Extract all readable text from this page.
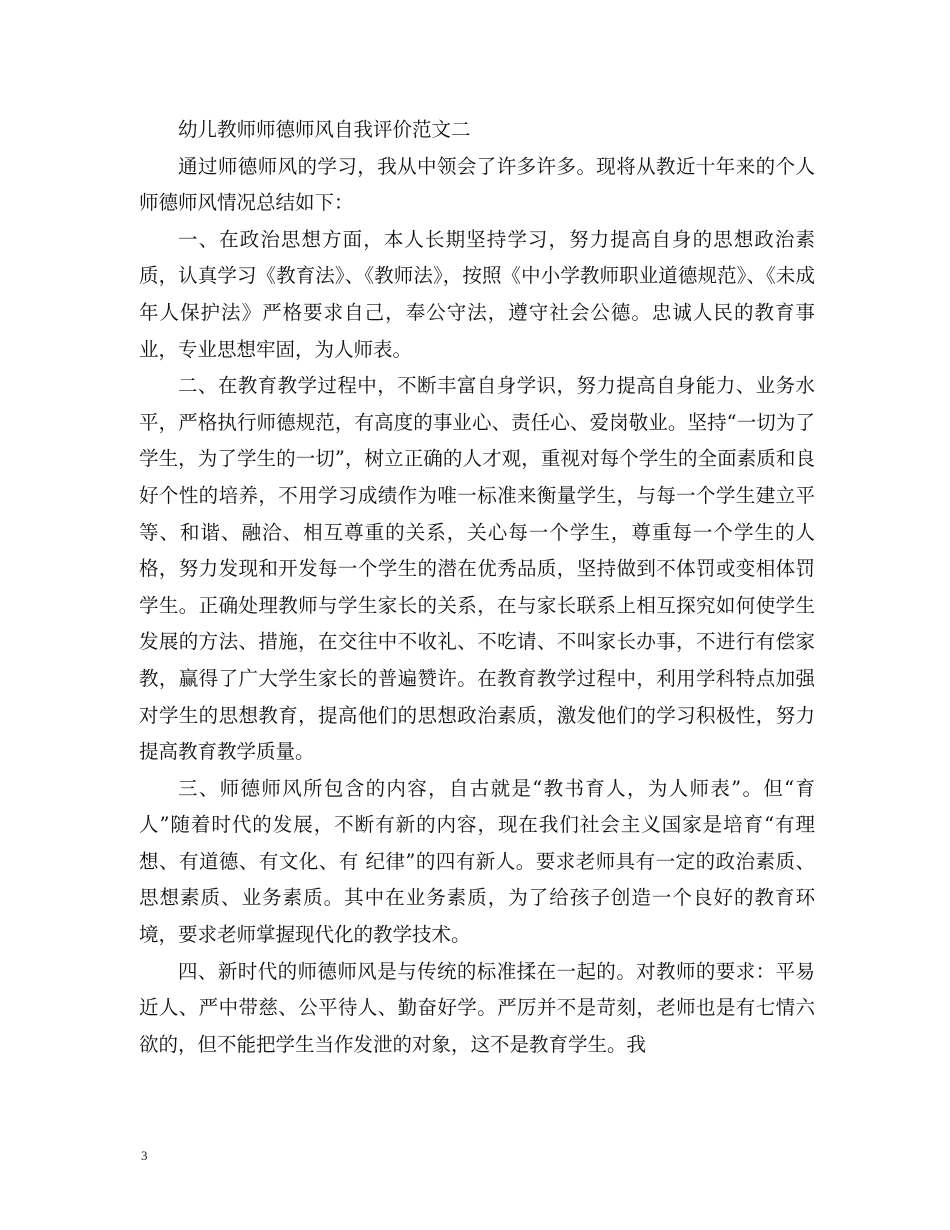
幼儿教师师德师风自我评价范文二

通过师德师风的学习，我从中领会了许多许多。现将从教近十年来的个人师德师风情况总结如下：

一、在政治思想方面，本人长期坚持学习，努力提高自身的思想政治素质，认真学习《教育法》、《教师法》，按照《中小学教师职业道德规范》、《未成年人保护法》严格要求自己，奉公守法，遵守社会公德。忠诚人民的教育事业，专业思想牢固，为人师表。

二、在教育教学过程中，不断丰富自身学识，努力提高自身能力、业务水平，严格执行师德规范，有高度的事业心、责任心、爱岗敬业。坚持“一切为了学生，为了学生的一切”，树立正确的人才观，重视对每个学生的全面素质和良好个性的培养，不用学习成绩作为唯一标准来衡量学生，与每一个学生建立平等、和谐、融洽、相互尊重的关系，关心每一个学生，尊重每一个学生的人格，努力发现和开发每一个学生的潜在优秀品质，坚持做到不体罚或变相体罚学生。正确处理教师与学生家长的关系，在与家长联系上相互探究如何使学生发展的方法、措施，在交往中不收礼、不吃请、不叫家长办事，不进行有偿家教，赢得了广大学生家长的普遍赞许。在教育教学过程中，利用学科特点加强对学生的思想教育，提高他们的思想政治素质，激发他们的学习积极性，努力提高教育教学质量。

三、师德师风所包含的内容，自古就是“教书育人，为人师表”。但“育人”随着时代的发展，不断有新的内容，现在我们社会主义国家是培育“有理想、有道德、有文化、有 纪律”的四有新人。要求老师具有一定的政治素质、思想素质、业务素质。其中在业务素质，为了给孩子创造一个良好的教育环境，要求老师掌握现代化的教学技术。

四、新时代的师德师风是与传统的标准揉在一起的。对教师的要求：平易近人、严中带慈、公平待人、勤奋好学。严厉并不是苛刻，老师也是有七情六欲的，但不能把学生当作发泄的对象，这不是教育学生。我

3
